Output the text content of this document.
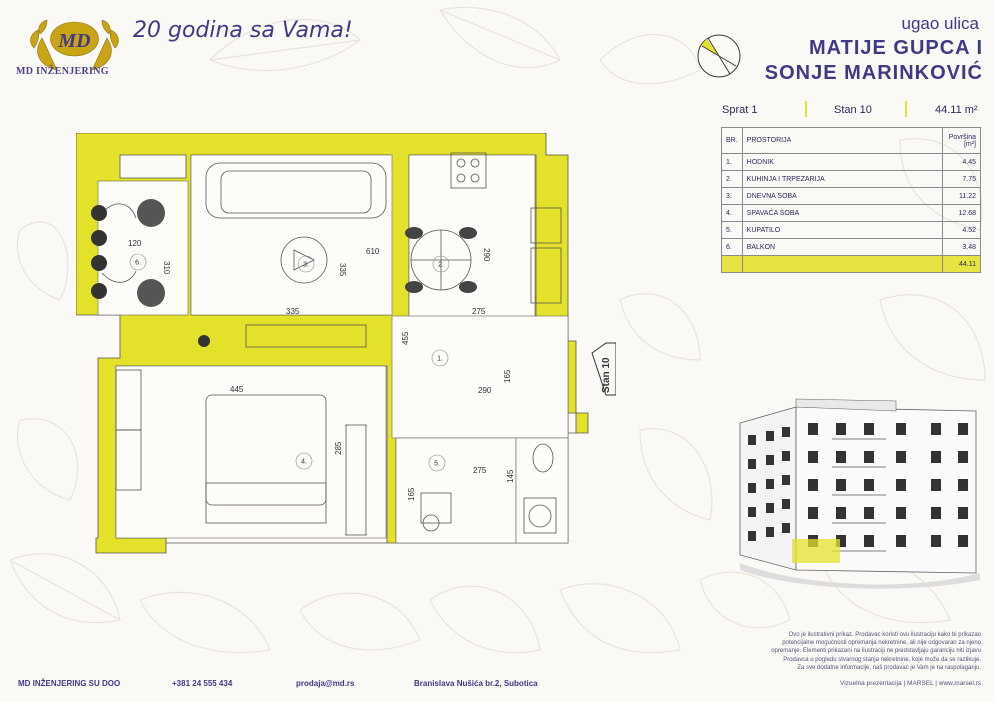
MD
MD INŽENJERING
20 godina sa Vama!	ugao ulica
MATIJE GUPCA I
SONJE MARINKOVIĆ
Sprat 1	Stan 10	44.11 m²
BR.	PROSTORIJA	Površina
[m²]

1.	HODNIK	4.45
2.	KUHINJA I TRPEZARIJA	7.75
3.	DNEVNA SOBA	11.22
4.	SPAVAĆA SOBA	12.68
5.	KUPATILO	4.52
6.	BALKON	3.48
		44.11
120
310
610
335
335	275
290
455
290
165
445
285
275 145
165
1.
2.
3.
4.	5.
6.
Stan 10
Ovo je ilustrativni prikaz. Prodavac koristi ovu ilustraciju kako bi prikazao
potencijalne mogućnosti opremanja nekretnine, ali nije odgovaran za njeno
opremanje. Elementi prikazani na ilustraciji ne predstavljaju garanciju niti izjavu
Prodavca u pogledu stvarnog stanja nekretnine, koje može da se razlikuje.
Za sve dodatne informacije, naš prodavac je Vam je na raspolaganju.
Vizuelna prezentacija | MARSEL | www.marsel.rs
MD INŽENJERING SU DOO	+381 24 555 434	prodaja@md.rs	Branislava Nušića br.2, Subotica
